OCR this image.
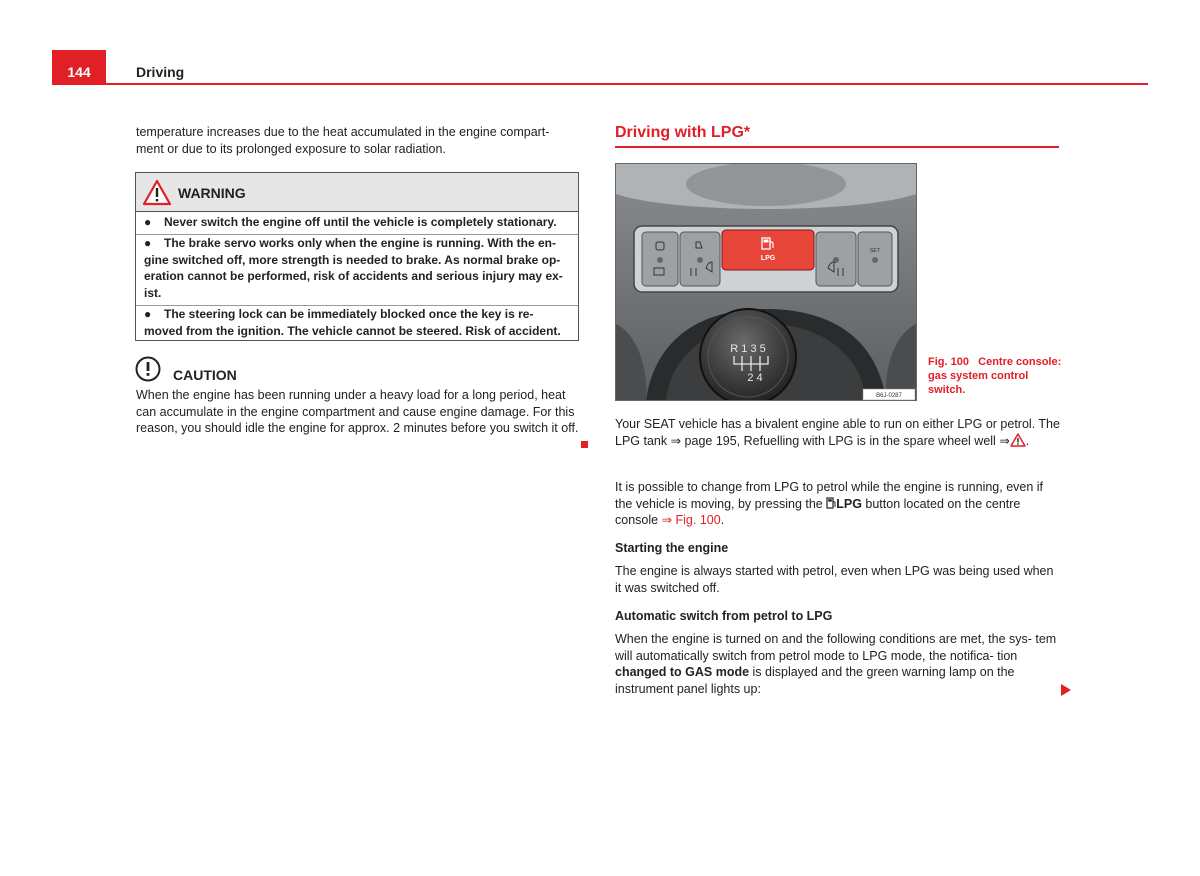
144	Driving
temperature increases due to the heat accumulated in the engine compart- ment or due to its prolonged exposure to solar radiation.
WARNING
● Never switch the engine off until the vehicle is completely stationary.
● The brake servo works only when the engine is running. With the en- gine switched off, more strength is needed to brake. As normal brake op- eration cannot be performed, risk of accidents and serious injury may ex- ist.
● The steering lock can be immediately blocked once the key is re- moved from the ignition. The vehicle cannot be steered. Risk of accident.
CAUTION
When the engine has been running under a heavy load for a long period, heat can accumulate in the engine compartment and cause engine damage. For this reason, you should idle the engine for approx. 2 minutes before you switch it off.
Driving with LPG*
LPG
SET
R 1 3 5
2 4
B6J-0287
Fig. 100 Centre console: gas system control switch.
Your SEAT vehicle has a bivalent engine able to run on either LPG or petrol. The LPG tank ⇒ page 195, Refuelling with LPG is in the spare wheel well ⇒ .
It is possible to change from LPG to petrol while the engine is running, even if the vehicle is moving, by pressing the LPG button located on the centre console ⇒ Fig. 100.
Starting the engine
The engine is always started with petrol, even when LPG was being used when it was switched off.
Automatic switch from petrol to LPG
When the engine is turned on and the following conditions are met, the sys- tem will automatically switch from petrol mode to LPG mode, the notifica- tion changed to GAS mode is displayed and the green warning lamp on the instrument panel lights up:
